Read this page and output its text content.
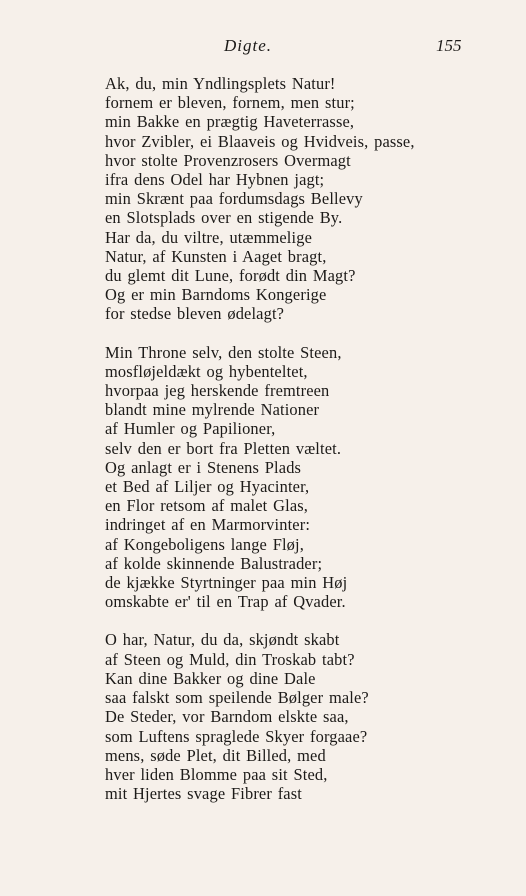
Digte.	155
Ak, du, min Yndlingsplets Natur!
fornem er bleven, fornem, men stur;
min Bakke en prægtig Haveterrasse,
hvor Zvibler, ei Blaaveis og Hvidveis, passe,
hvor stolte Provenzrosers Overmagt
ifra dens Odel har Hybnen jagt;
min Skrænt paa fordumsdags Bellevy
en Slotsplads over en stigende By.
Har da, du viltre, utæmmelige
Natur, af Kunsten i Aaget bragt,
du glemt dit Lune, forødt din Magt?
Og er min Barndoms Kongerige
for stedse bleven ødelagt?
Min Throne selv, den stolte Steen,
mosfløjeldækt og hybenteltet,
hvorpaa jeg herskende fremtreen
blandt mine mylrende Nationer
af Humler og Papilioner,
selv den er bort fra Pletten væltet.
Og anlagt er i Stenens Plads
et Bed af Liljer og Hyacinter,
en Flor retsom af malet Glas,
indringet af en Marmorvinter:
af Kongeboligens lange Fløj,
af kolde skinnende Balustrader;
de kjække Styrtninger paa min Høj
omskabte er' til en Trap af Qvader.
O har, Natur, du da, skjøndt skabt
af Steen og Muld, din Troskab tabt?
Kan dine Bakker og dine Dale
saa falskt som speilende Bølger male?
De Steder, vor Barndom elskte saa,
som Luftens spraglede Skyer forgaae?
mens, søde Plet, dit Billed, med
hver liden Blomme paa sit Sted,
mit Hjertes svage Fibrer fast
